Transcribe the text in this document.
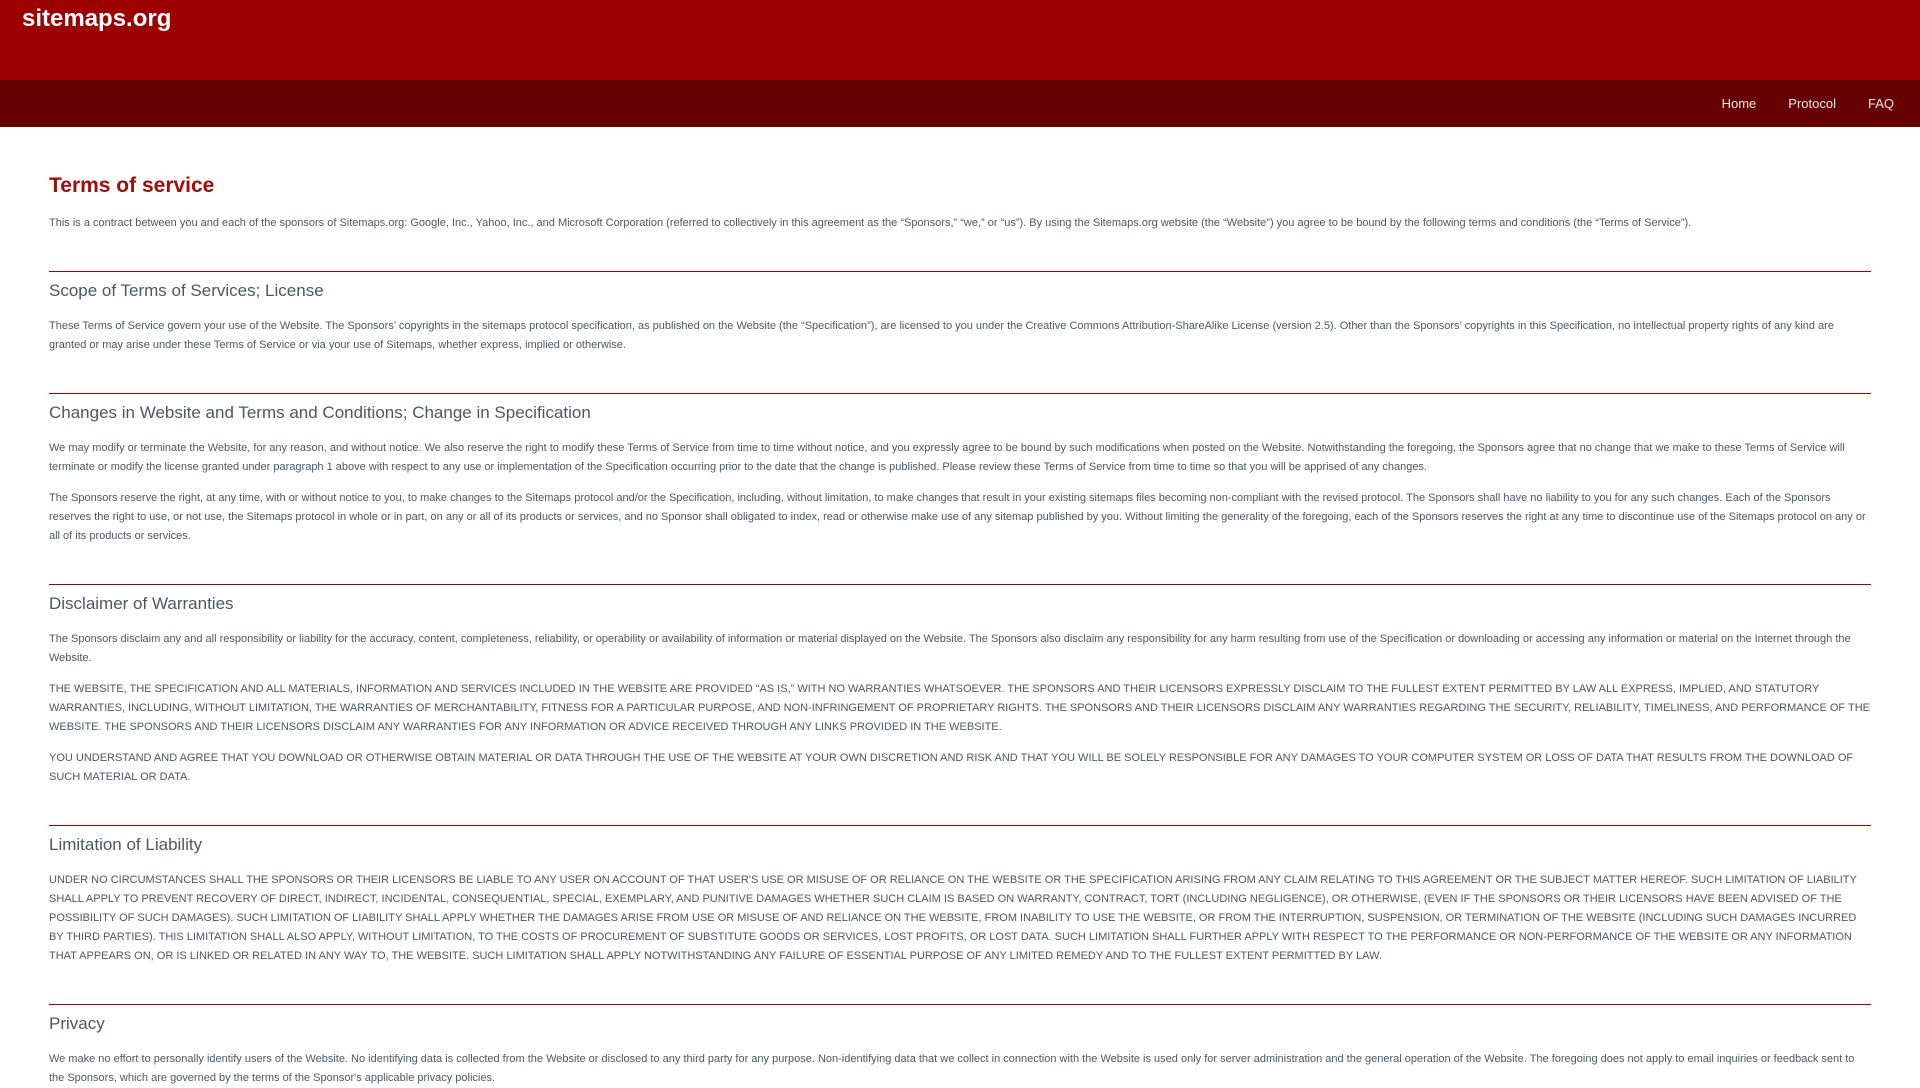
sitemaps.org
Home Protocol FAQ
Terms of service

This is a contract between you and each of the sponsors of Sitemaps.org: Google, Inc., Yahoo, Inc., and Microsoft Corporation (referred to collectively in this agreement as the “Sponsors,” “we,” or “us”). By using the Sitemaps.org website (the “Website”) you agree to be bound by the following terms and conditions (the “Terms of Service”).

Scope of Terms of Services; License

These Terms of Service govern your use of the Website. The Sponsors’ copyrights in the sitemaps protocol specification, as published on the Website (the “Specification”), are licensed to you under the Creative Commons Attribution-ShareAlike License (version 2.5). Other than the Sponsors’ copyrights in this Specification, no intellectual property rights of any kind are granted or may arise under these Terms of Service or via your use of Sitemaps, whether express, implied or otherwise.

Changes in Website and Terms and Conditions; Change in Specification

We may modify or terminate the Website, for any reason, and without notice. We also reserve the right to modify these Terms of Service from time to time without notice, and you expressly agree to be bound by such modifications when posted on the Website. Notwithstanding the foregoing, the Sponsors agree that no change that we make to these Terms of Service will terminate or modify the license granted under paragraph 1 above with respect to any use or implementation of the Specification occurring prior to the date that the change is published. Please review these Terms of Service from time to time so that you will be apprised of any changes.

The Sponsors reserve the right, at any time, with or without notice to you, to make changes to the Sitemaps protocol and/or the Specification, including, without limitation, to make changes that result in your existing sitemaps files becoming non-compliant with the revised protocol. The Sponsors shall have no liability to you for any such changes. Each of the Sponsors reserves the right to use, or not use, the Sitemaps protocol in whole or in part, on any or all of its products or services, and no Sponsor shall obligated to index, read or otherwise make use of any sitemap published by you. Without limiting the generality of the foregoing, each of the Sponsors reserves the right at any time to discontinue use of the Sitemaps protocol on any or all of its products or services.

Disclaimer of Warranties

The Sponsors disclaim any and all responsibility or liability for the accuracy, content, completeness, reliability, or operability or availability of information or material displayed on the Website. The Sponsors also disclaim any responsibility for any harm resulting from use of the Specification or downloading or accessing any information or material on the Internet through the Website.

THE WEBSITE, THE SPECIFICATION AND ALL MATERIALS, INFORMATION AND SERVICES INCLUDED IN THE WEBSITE ARE PROVIDED “AS IS,” WITH NO WARRANTIES WHATSOEVER. THE SPONSORS AND THEIR LICENSORS EXPRESSLY DISCLAIM TO THE FULLEST EXTENT PERMITTED BY LAW ALL EXPRESS, IMPLIED, AND STATUTORY WARRANTIES, INCLUDING, WITHOUT LIMITATION, THE WARRANTIES OF MERCHANTABILITY, FITNESS FOR A PARTICULAR PURPOSE, AND NON-INFRINGEMENT OF PROPRIETARY RIGHTS. THE SPONSORS AND THEIR LICENSORS DISCLAIM ANY WARRANTIES REGARDING THE SECURITY, RELIABILITY, TIMELINESS, AND PERFORMANCE OF THE WEBSITE. THE SPONSORS AND THEIR LICENSORS DISCLAIM ANY WARRANTIES FOR ANY INFORMATION OR ADVICE RECEIVED THROUGH ANY LINKS PROVIDED IN THE WEBSITE.

YOU UNDERSTAND AND AGREE THAT YOU DOWNLOAD OR OTHERWISE OBTAIN MATERIAL OR DATA THROUGH THE USE OF THE WEBSITE AT YOUR OWN DISCRETION AND RISK AND THAT YOU WILL BE SOLELY RESPONSIBLE FOR ANY DAMAGES TO YOUR COMPUTER SYSTEM OR LOSS OF DATA THAT RESULTS FROM THE DOWNLOAD OF SUCH MATERIAL OR DATA.

Limitation of Liability

UNDER NO CIRCUMSTANCES SHALL THE SPONSORS OR THEIR LICENSORS BE LIABLE TO ANY USER ON ACCOUNT OF THAT USER'S USE OR MISUSE OF OR RELIANCE ON THE WEBSITE OR THE SPECIFICATION ARISING FROM ANY CLAIM RELATING TO THIS AGREEMENT OR THE SUBJECT MATTER HEREOF. SUCH LIMITATION OF LIABILITY SHALL APPLY TO PREVENT RECOVERY OF DIRECT, INDIRECT, INCIDENTAL, CONSEQUENTIAL, SPECIAL, EXEMPLARY, AND PUNITIVE DAMAGES WHETHER SUCH CLAIM IS BASED ON WARRANTY, CONTRACT, TORT (INCLUDING NEGLIGENCE), OR OTHERWISE, (EVEN IF THE SPONSORS OR THEIR LICENSORS HAVE BEEN ADVISED OF THE POSSIBILITY OF SUCH DAMAGES). SUCH LIMITATION OF LIABILITY SHALL APPLY WHETHER THE DAMAGES ARISE FROM USE OR MISUSE OF AND RELIANCE ON THE WEBSITE, FROM INABILITY TO USE THE WEBSITE, OR FROM THE INTERRUPTION, SUSPENSION, OR TERMINATION OF THE WEBSITE (INCLUDING SUCH DAMAGES INCURRED BY THIRD PARTIES). THIS LIMITATION SHALL ALSO APPLY, WITHOUT LIMITATION, TO THE COSTS OF PROCUREMENT OF SUBSTITUTE GOODS OR SERVICES, LOST PROFITS, OR LOST DATA. SUCH LIMITATION SHALL FURTHER APPLY WITH RESPECT TO THE PERFORMANCE OR NON-PERFORMANCE OF THE WEBSITE OR ANY INFORMATION THAT APPEARS ON, OR IS LINKED OR RELATED IN ANY WAY TO, THE WEBSITE. SUCH LIMITATION SHALL APPLY NOTWITHSTANDING ANY FAILURE OF ESSENTIAL PURPOSE OF ANY LIMITED REMEDY AND TO THE FULLEST EXTENT PERMITTED BY LAW.

Privacy

We make no effort to personally identify users of the Website. No identifying data is collected from the Website or disclosed to any third party for any purpose. Non-identifying data that we collect in connection with the Website is used only for server administration and the general operation of the Website. The foregoing does not apply to email inquiries or feedback sent to the Sponsors, which are governed by the terms of the Sponsor's applicable privacy policies.
